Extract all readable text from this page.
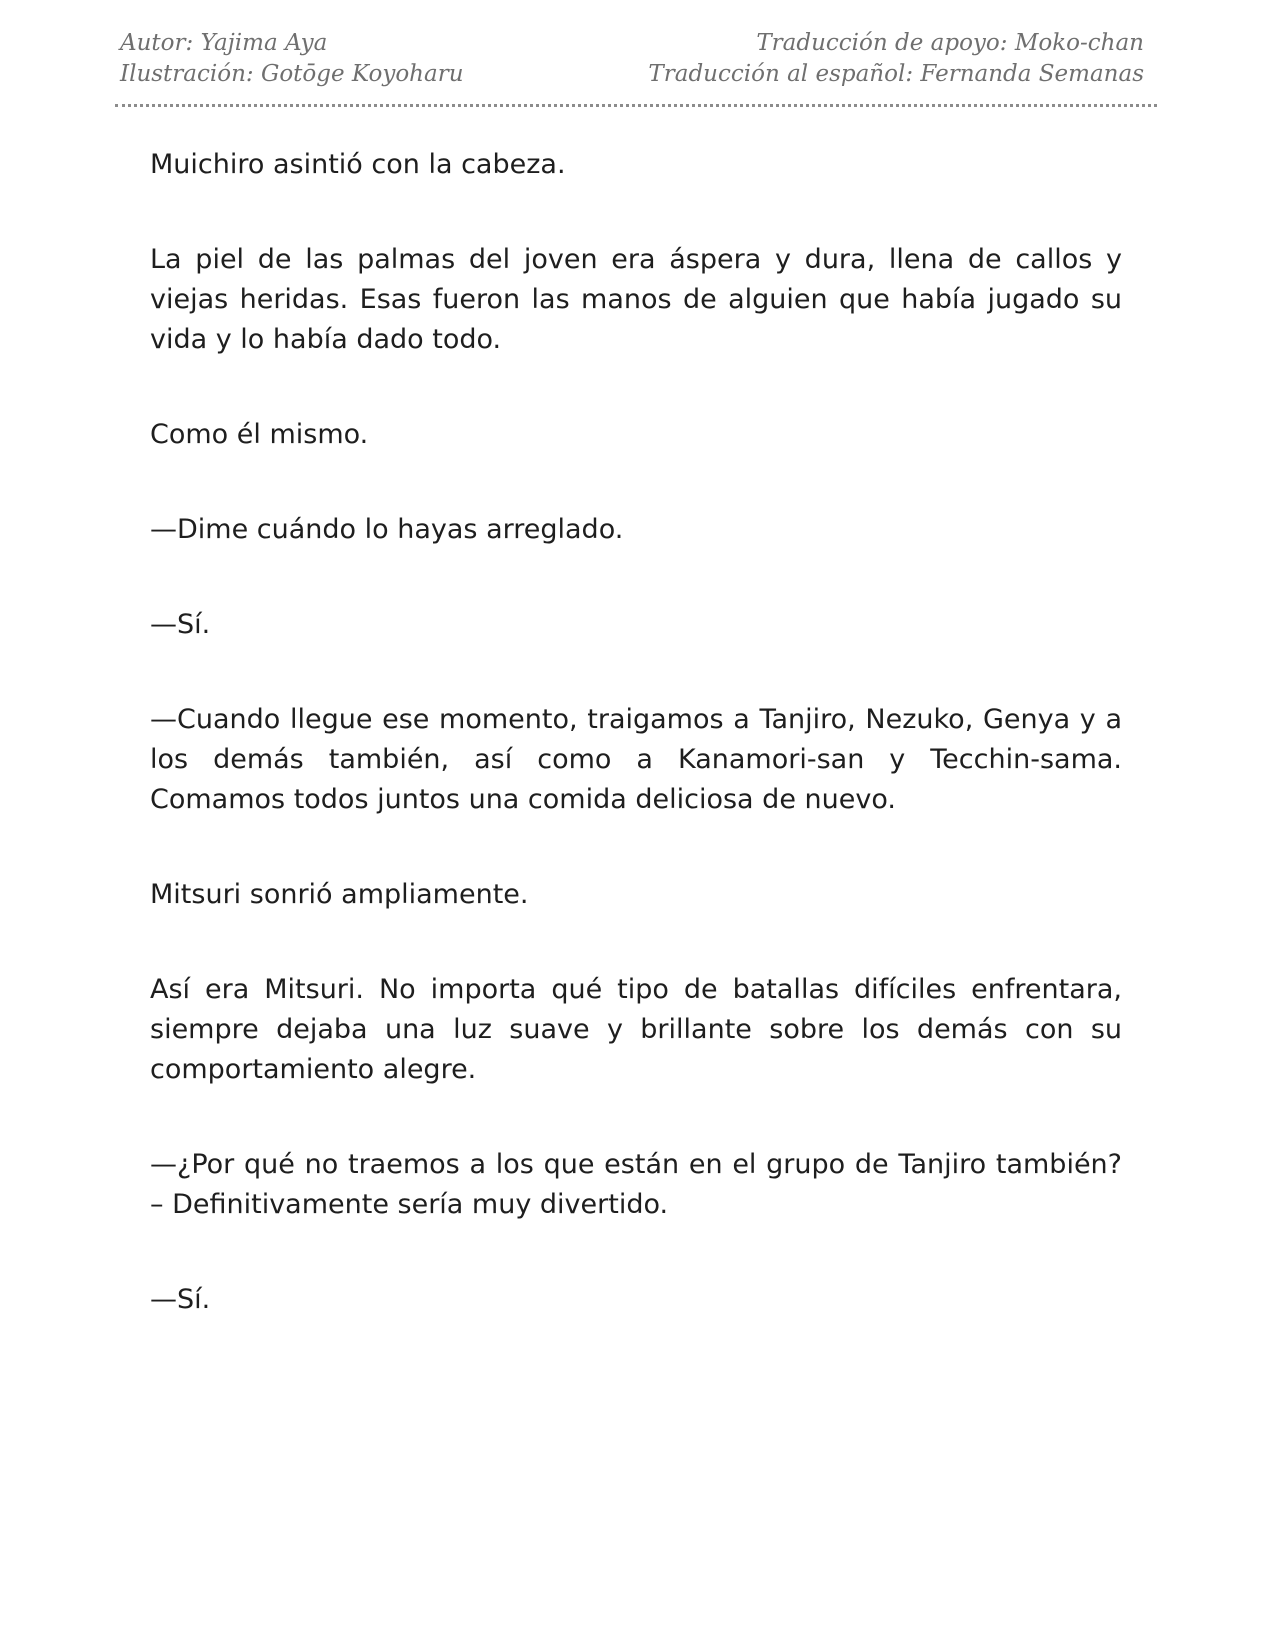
Autor: Yajima Aya
Ilustración: Gotōge Koyoharu
Traducción de apoyo: Moko-chan
Traducción al español: Fernanda Semanas

Muichiro asintió con la cabeza.

La piel de las palmas del joven era áspera y dura, llena de callos y viejas heridas. Esas fueron las manos de alguien que había jugado su vida y lo había dado todo.

Como él mismo.

—Dime cuándo lo hayas arreglado.

—Sí.

—Cuando llegue ese momento, traigamos a Tanjiro, Nezuko, Genya y a los demás también, así como a Kanamori-san y Tecchin-sama. Comamos todos juntos una comida deliciosa de nuevo.

Mitsuri sonrió ampliamente.

Así era Mitsuri. No importa qué tipo de batallas difíciles enfrentara, siempre dejaba una luz suave y brillante sobre los demás con su comportamiento alegre.

—¿Por qué no traemos a los que están en el grupo de Tanjiro también? – Definitivamente sería muy divertido.

—Sí.
